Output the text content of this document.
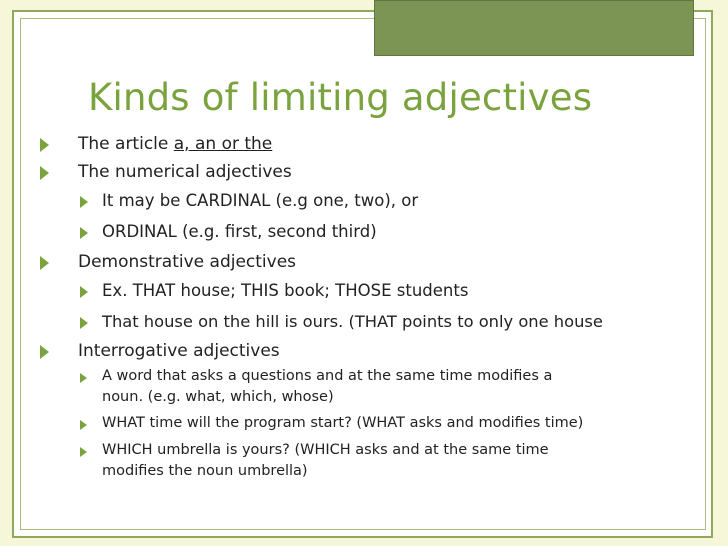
Kinds of limiting adjectives
The article a, an or the
The numerical adjectives
It may be CARDINAL (e.g one, two), or
ORDINAL (e.g. first, second third)
Demonstrative adjectives
Ex. THAT house; THIS book; THOSE students
That house on the hill is ours. (THAT points to only one house
Interrogative adjectives
A word that asks a questions and at the same time modifies a
noun. (e.g. what, which, whose)
WHAT time will the program start? (WHAT asks and modifies time)
WHICH umbrella is yours? (WHICH asks and at the same time
modifies the noun umbrella)
